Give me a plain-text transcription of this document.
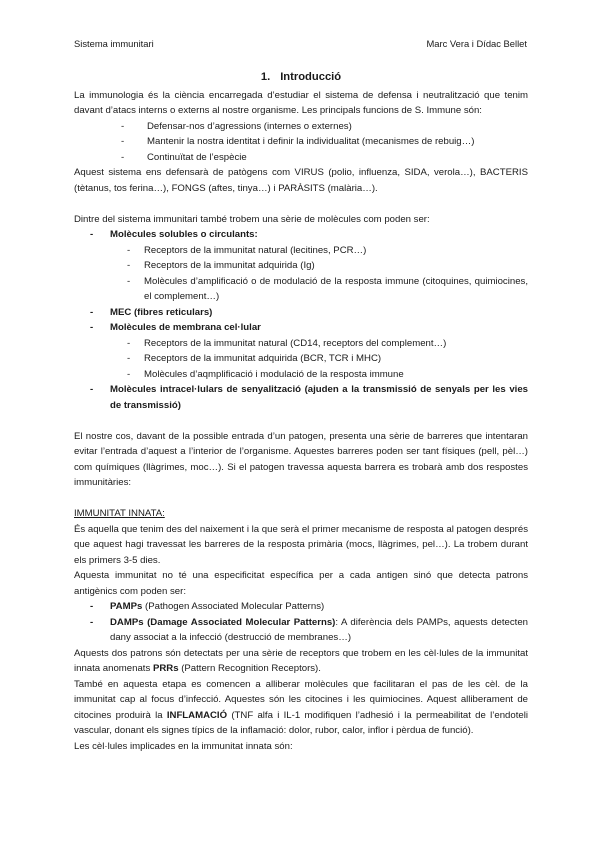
Sistema immunitari	Marc Vera i Dídac Bellet
1. Introducció

La immunologia és la ciència encarregada d’estudiar el sistema de defensa i neutralització que tenim davant d’atacs interns o externs al nostre organisme. Les principals funcions de S. Immune són:

-	Defensar-nos d’agressions (internes o externes)
-	Mantenir la nostra identitat i definir la individualitat (mecanismes de rebuig…)
-	Continuïtat de l’espècie

Aquest sistema ens defensarà de patògens com VIRUS (polio, influenza, SIDA, verola…), BACTERIS (tètanus, tos ferina…), FONGS (aftes, tinya…) i PARÀSITS (malària…).

Dintre del sistema immunitari també trobem una sèrie de molècules com poden ser:

-	Molècules solubles o circulants:
-	Receptors de la immunitat natural (lecitines, PCR…)
-	Receptors de la immunitat adquirida (Ig)
-	Molècules d’amplificació o de modulació de la resposta immune (citoquines, quimiocines, el complement…)
-	MEC (fibres reticulars)
-	Molècules de membrana cel·lular
-	Receptors de la immunitat natural (CD14, receptors del complement…)
-	Receptors de la immunitat adquirida (BCR, TCR i MHC)
-	Molècules d’aqmplificació i modulació de la resposta immune
-	Molècules intracel·lulars de senyalització (ajuden a la transmissió de senyals per les vies de transmissió)

El nostre cos, davant de la possible entrada d’un patogen, presenta una sèrie de barreres que intentaran evitar l’entrada d’aquest a l’interior de l’organisme. Aquestes barreres poden ser tant físiques (pell, pèl…) com químiques (llàgrimes, moc…). Si el patogen travessa aquesta barrera es trobarà amb dos respostes immunitàries:

IMMUNITAT INNATA:

És aquella que tenim des del naixement i la que serà el primer mecanisme de resposta al patogen després que aquest hagi travessat les barreres de la resposta primària (mocs, llàgrimes, pel…). La trobem durant els primers 3-5 dies.

Aquesta immunitat no té una especificitat específica per a cada antigen sinó que detecta patrons antigènics com poden ser:

-	PAMPs (Pathogen Associated Molecular Patterns)
-	DAMPs (Damage Associated Molecular Patterns): A diferència dels PAMPs, aquests detecten dany associat a la infecció (destrucció de membranes…)

Aquests dos patrons són detectats per una sèrie de receptors que trobem en les cèl·lules de la immunitat innata anomenats PRRs (Pattern Recognition Receptors).

També en aquesta etapa es comencen a alliberar molècules que facilitaran el pas de les cèl. de la immunitat cap al focus d’infecció. Aquestes són les citocines i les quimiocines. Aquest alliberament de citocines produirà la INFLAMACIÓ (TNF alfa i IL-1 modifiquen l’adhesió i la permeabilitat de l’endoteli vascular, donant els signes típics de la inflamació: dolor, rubor, calor, inflor i pèrdua de funció).

Les cèl·lules implicades en la immunitat innata són:
